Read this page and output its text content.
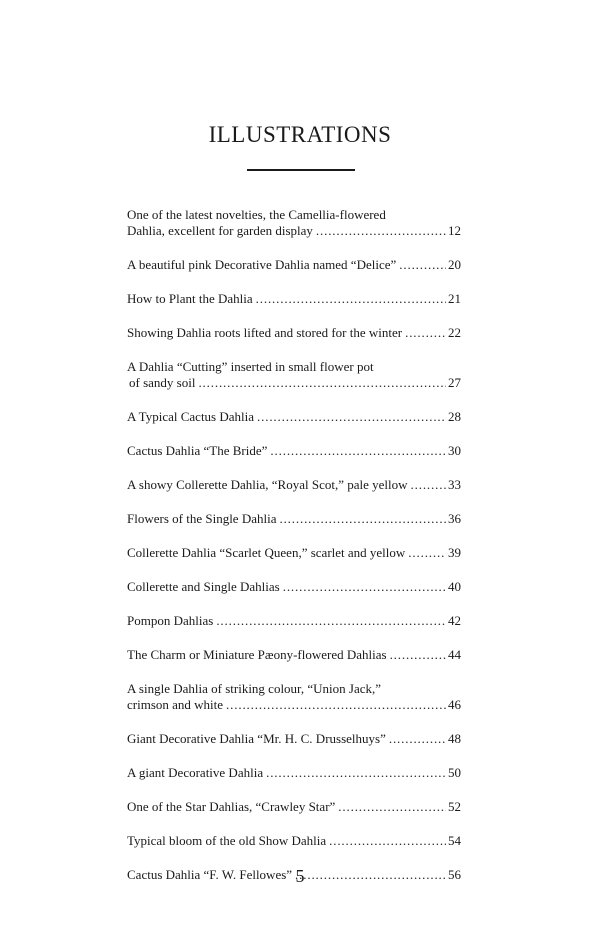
ILLUSTRATIONS
One of the latest novelties, the Camellia-flowered
Dahlia, excellent for garden display . . .	12
A beautiful pink Decorative Dahlia named “Delice” . . .	20
How to Plant the Dahlia . . .	21
Showing Dahlia roots lifted and stored for the winter . . .	22
A Dahlia “Cutting” inserted in small flower pot
of sandy soil . . .	27
A Typical Cactus Dahlia . . .	28
Cactus Dahlia “The Bride” . . .	30
A showy Collerette Dahlia, “Royal Scot,” pale yellow . . .	33
Flowers of the Single Dahlia . . .	36
Collerette Dahlia “Scarlet Queen,” scarlet and yellow . . .	39
Collerette and Single Dahlias . . .	40
Pompon Dahlias . . .	42
The Charm or Miniature Pæony-flowered Dahlias . . .	44
A single Dahlia of striking colour, “Union Jack,”
crimson and white . . .	46
Giant Decorative Dahlia “Mr. H. C. Drusselhuys” . . .	48
A giant Decorative Dahlia . . .	50
One of the Star Dahlias, “Crawley Star” . . .	52
Typical bloom of the old Show Dahlia . . .	54
Cactus Dahlia “F. W. Fellowes” . . .	56
5
